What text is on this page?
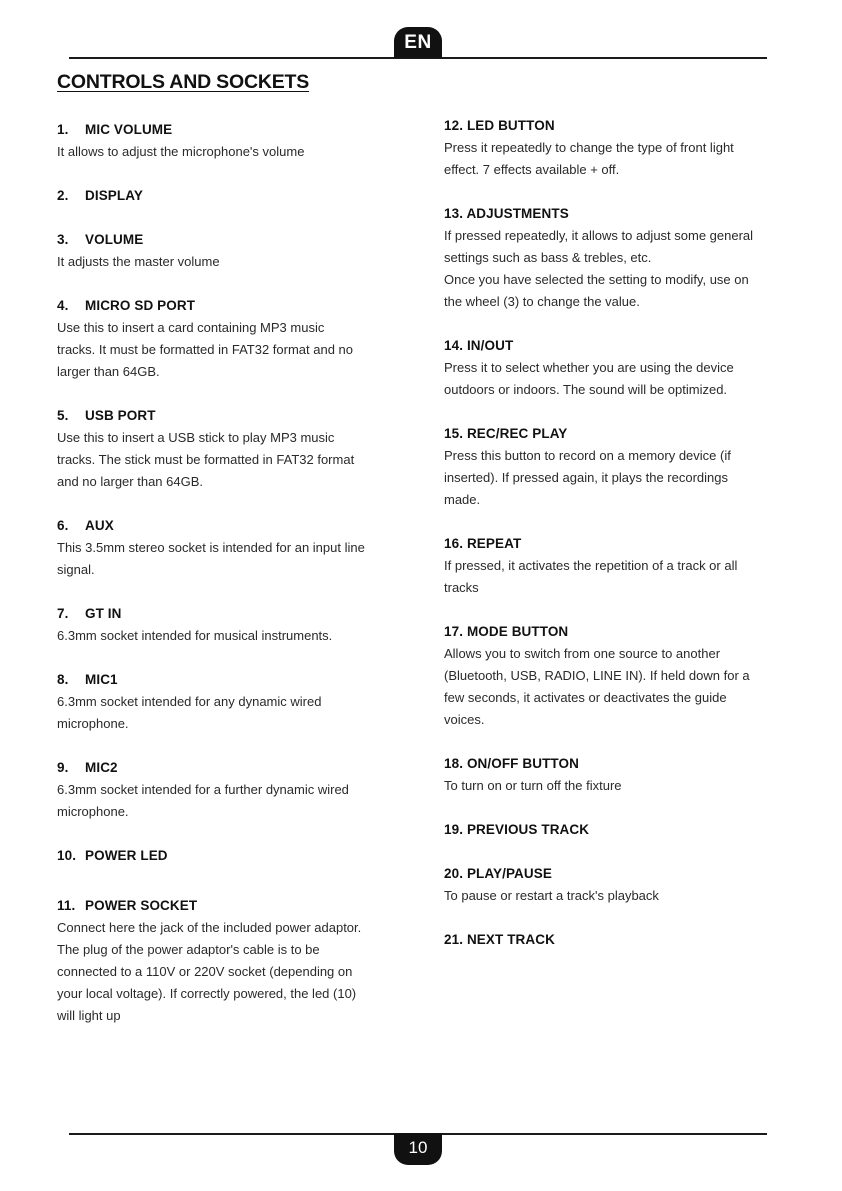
EN
CONTROLS AND SOCKETS
1. MIC VOLUME

It allows to adjust the microphone's volume

2. DISPLAY
3. VOLUME

It adjusts the master volume

4. MICRO SD PORT

Use this to insert a card containing MP3 music
tracks. It must be formatted in FAT32 format and no
larger than 64GB.

5. USB PORT

Use this to insert a USB stick to play MP3 music
tracks. The stick must be formatted in FAT32 format
and no larger than 64GB.

6. AUX

This 3.5mm stereo socket is intended for an input line
signal.

7. GT IN

6.3mm socket intended for musical instruments.

8. MIC1

6.3mm socket intended for any dynamic wired
microphone.

9. MIC2

6.3mm socket intended for a further dynamic wired
microphone.

10. POWER LED
11. POWER SOCKET

Connect here the jack of the included power adaptor.
The plug of the power adaptor's cable is to be
connected to a 110V or 220V socket (depending on
your local voltage). If correctly powered, the led (10)
will light up

12. LED BUTTON

Press it repeatedly to change the type of front light
effect. 7 effects available + off.

13. ADJUSTMENTS

If pressed repeatedly, it allows to adjust some general
settings such as bass & trebles, etc.
Once you have selected the setting to modify, use on
the wheel (3) to change the value.

14. IN/OUT

Press it to select whether you are using the device
outdoors or indoors. The sound will be optimized.

15. REC/REC PLAY

Press this button to record on a memory device (if
inserted). If pressed again, it plays the recordings
made.

16. REPEAT

If pressed, it activates the repetition of a track or all
tracks

17. MODE BUTTON

Allows you to switch from one source to another
(Bluetooth, USB, RADIO, LINE IN). If held down for a
few seconds, it activates or deactivates the guide
voices.

18. ON/OFF BUTTON

To turn on or turn off the fixture

19. PREVIOUS TRACK
20. PLAY/PAUSE

To pause or restart a track's playback

21. NEXT TRACK
10
